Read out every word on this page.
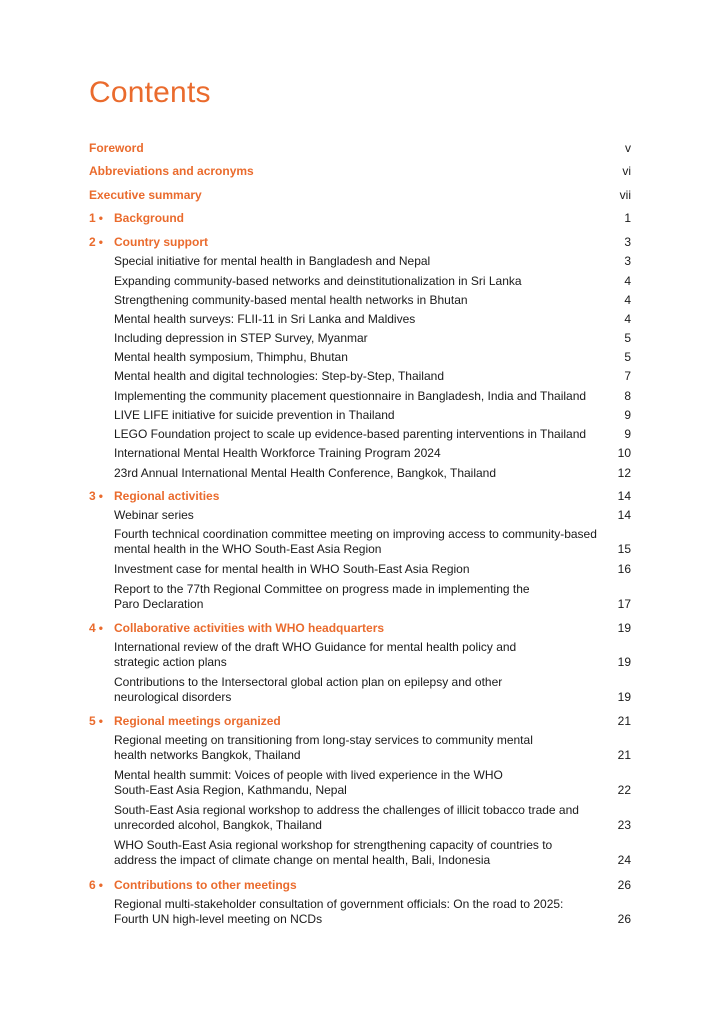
Contents
Foreword	v
Abbreviations and acronyms	vi
Executive summary	vii
1 • Background	1
2 • Country support	3
Special initiative for mental health in Bangladesh and Nepal	3
Expanding community-based networks and deinstitutionalization in Sri Lanka	4
Strengthening community-based mental health networks in Bhutan	4
Mental health surveys: FLII-11 in Sri Lanka and Maldives	4
Including depression in STEP Survey, Myanmar	5
Mental health symposium, Thimphu, Bhutan	5
Mental health and digital technologies: Step-by-Step, Thailand	7
Implementing the community placement questionnaire in Bangladesh, India and Thailand	8
LIVE LIFE initiative for suicide prevention in Thailand	9
LEGO Foundation project to scale up evidence-based parenting interventions in Thailand	9
International Mental Health Workforce Training Program 2024	10
23rd Annual International Mental Health Conference, Bangkok, Thailand	12
3 • Regional activities	14
Webinar series	14
Fourth technical coordination committee meeting on improving access to community-based
mental health in the WHO South-East Asia Region	15
Investment case for mental health in WHO South-East Asia Region	16
Report to the 77th Regional Committee on progress made in implementing the
Paro Declaration	17
4 • Collaborative activities with WHO headquarters	19
International review of the draft WHO Guidance for mental health policy and
strategic action plans	19
Contributions to the Intersectoral global action plan on epilepsy and other
neurological disorders	19
5 • Regional meetings organized	21
Regional meeting on transitioning from long-stay services to community mental
health networks Bangkok, Thailand	21
Mental health summit: Voices of people with lived experience in the WHO
South-East Asia Region, Kathmandu, Nepal	22
South-East Asia regional workshop to address the challenges of illicit tobacco trade and
unrecorded alcohol, Bangkok, Thailand	23
WHO South-East Asia regional workshop for strengthening capacity of countries to
address the impact of climate change on mental health, Bali, Indonesia	24
6 • Contributions to other meetings	26
Regional multi-stakeholder consultation of government officials: On the road to 2025:
Fourth UN high-level meeting on NCDs	26
